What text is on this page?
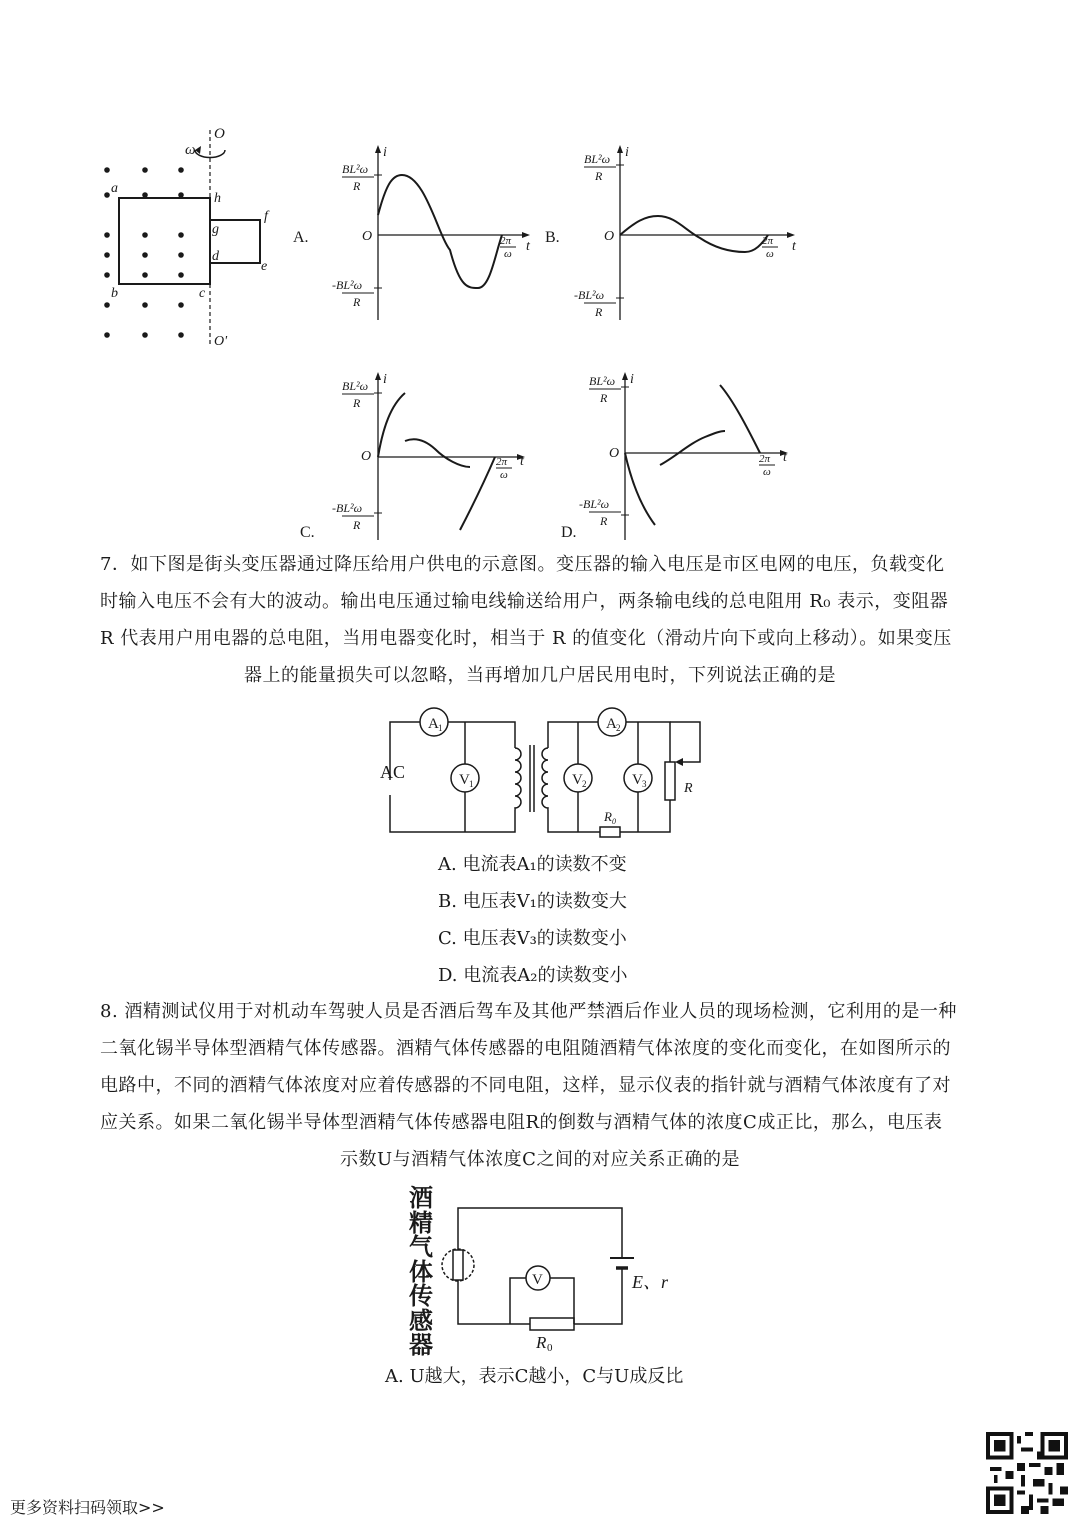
O
O'
ω
a
b	c
h
g
d
f
e
i
t
O
BL²ω
R
-BL²ω
R
2π
ω
A.
i
t
O
BL²ω
R
-BL²ω
R
2π
ω
B.
i
t
O
BL²ω
R
-BL²ω
R
2π
ω
C.
i
t
O
BL²ω
R
-BL²ω
R
2π
ω
D.

7．如下图是街头变压器通过降压给用户供电的示意图。变压器的输入电压是市区电网的电压，负载变化

时输入电压不会有大的波动。输出电压通过输电线输送给用户，两条输电线的总电阻用 R₀ 表示，变阻器

R 代表用户用电器的总电阻，当用电器变化时，相当于 R 的值变化（滑动片向下或向上移动）。如果变压

器上的能量损失可以忽略，当再增加几户居民用电时，下列说法正确的是

AC
A 1	A 2
V 1	V 2	V 3
R 0
R
A. 电流表A₁的读数不变
B. 电压表V₁的读数变大
C. 电压表V₃的读数变小
D. 电流表A₂的读数变小

8. 酒精测试仪用于对机动车驾驶人员是否酒后驾车及其他严禁酒后作业人员的现场检测，它利用的是一种

二氧化锡半导体型酒精气体传感器。酒精气体传感器的电阻随酒精气体浓度的变化而变化，在如图所示的

电路中，不同的酒精气体浓度对应着传感器的不同电阻，这样，显示仪表的指针就与酒精气体浓度有了对

应关系。如果二氧化锡半导体型酒精气体传感器电阻R的倒数与酒精气体的浓度C成正比，那么，电压表

示数U与酒精气体浓度C之间的对应关系正确的是

酒
精
气
体
传
感
器
V	E、r
R 0
A. U越大，表示C越小，C与U成反比
更多资料扫码领取>>
